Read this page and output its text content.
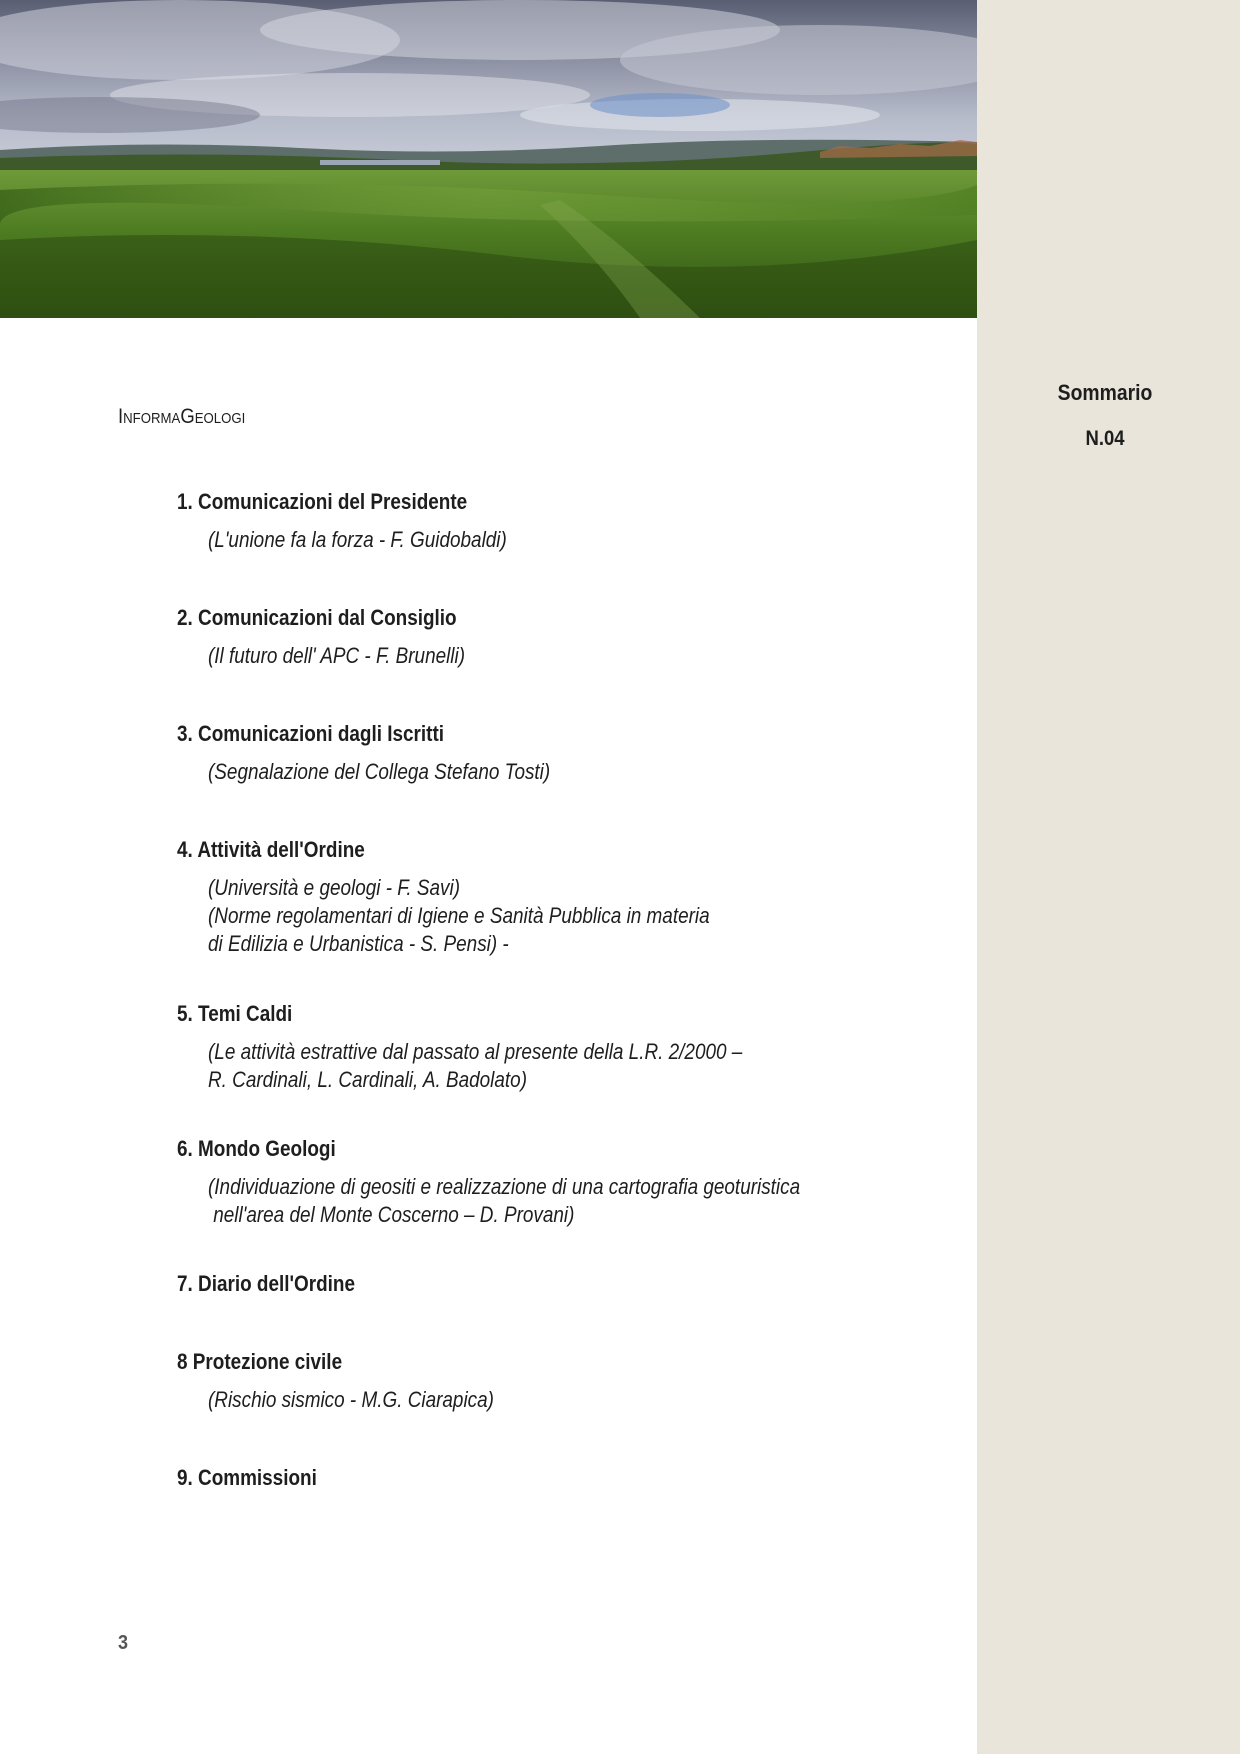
Sommario
N.04
InformaGeologi
1. Comunicazioni del Presidente
(L'unione fa la forza - F. Guidobaldi)
2. Comunicazioni dal Consiglio
(Il futuro dell' APC - F. Brunelli)
3. Comunicazioni dagli Iscritti
(Segnalazione del Collega Stefano Tosti)
4. Attività dell'Ordine
(Università e geologi - F. Savi)
(Norme regolamentari di Igiene e Sanità Pubblica in materia
di Edilizia e Urbanistica - S. Pensi) -
5. Temi Caldi
(Le attività estrattive dal passato al presente della L.R. 2/2000 –
R. Cardinali, L. Cardinali, A. Badolato)
6. Mondo Geologi
(Individuazione di geositi e realizzazione di una cartografia geoturistica
nell'area del Monte Coscerno – D. Provani)
7. Diario dell'Ordine
8 Protezione civile
(Rischio sismico - M.G. Ciarapica)
9. Commissioni
3
